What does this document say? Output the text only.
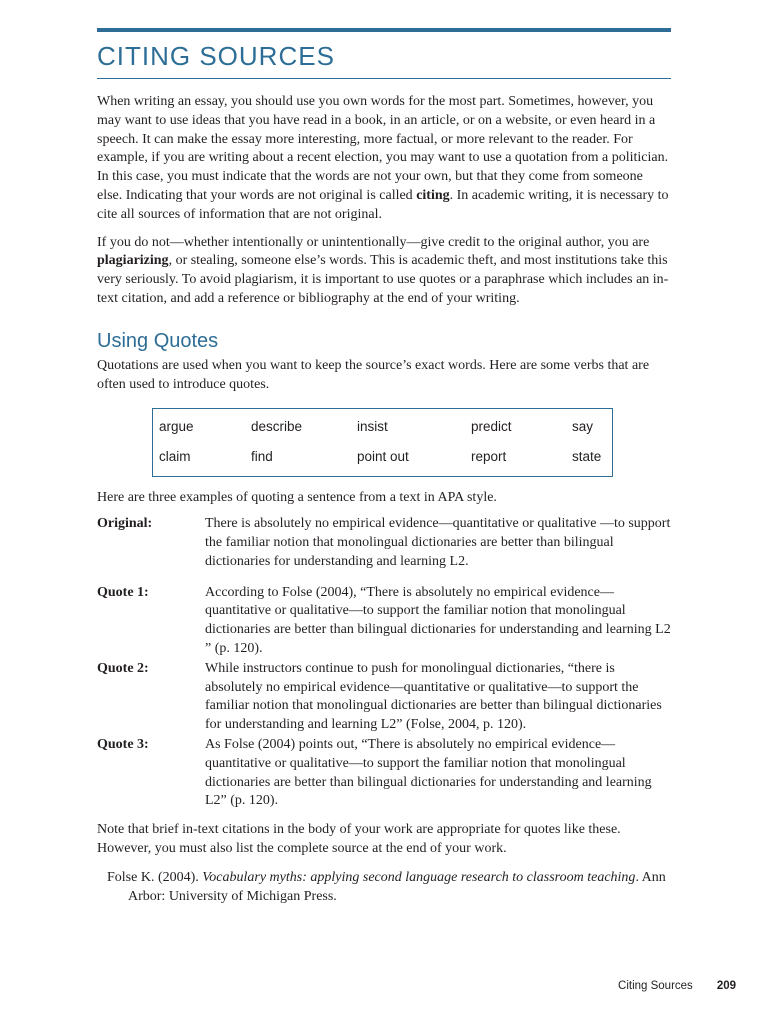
CITING SOURCES

When writing an essay, you should use you own words for the most part. Sometimes, however, you may want to use ideas that you have read in a book, in an article, or on a website, or even heard in a speech. It can make the essay more interesting, more factual, or more relevant to the reader. For example, if you are writing about a recent election, you may want to use a quotation from a politician. In this case, you must indicate that the words are not your own, but that they come from someone else. Indicating that your words are not original is called citing. In academic writing, it is necessary to cite all sources of information that are not original.

If you do not—whether intentionally or unintentionally—give credit to the original author, you are plagiarizing, or stealing, someone else’s words. This is academic theft, and most institutions take this very seriously. To avoid plagiarism, it is important to use quotes or a paraphrase which includes an in-text citation, and add a reference or bibliography at the end of your writing.

Using Quotes

Quotations are used when you want to keep the source’s exact words. Here are some verbs that are often used to introduce quotes.

argue	describe	insist	predict	say
claim	find	point out	report	state

Here are three examples of quoting a sentence from a text in APA style.

Original:	There is absolutely no empirical evidence—quantitative or qualitative —to support the familiar notion that monolingual dictionaries are better than bilingual dictionaries for understanding and learning L2.
Quote 1:	According to Folse (2004), “There is absolutely no empirical evidence—quantitative or qualitative—to support the familiar notion that monolingual dictionaries are better than bilingual dictionaries for understanding and learning L2 ” (p. 120).
Quote 2:	While instructors continue to push for monolingual dictionaries, “there is absolutely no empirical evidence—quantitative or qualitative—to support the familiar notion that monolingual dictionaries are better than bilingual dictionaries for understanding and learning L2” (Folse, 2004, p. 120).
Quote 3:	As Folse (2004) points out, “There is absolutely no empirical evidence—quantitative or qualitative—to support the familiar notion that monolingual dictionaries are better than bilingual dictionaries for understanding and learning L2” (p. 120).

Note that brief in-text citations in the body of your work are appropriate for quotes like these. However, you must also list the complete source at the end of your work.

Folse K. (2004). Vocabulary myths: applying second language research to classroom teaching. Ann Arbor: University of Michigan Press.

Citing Sources 209
